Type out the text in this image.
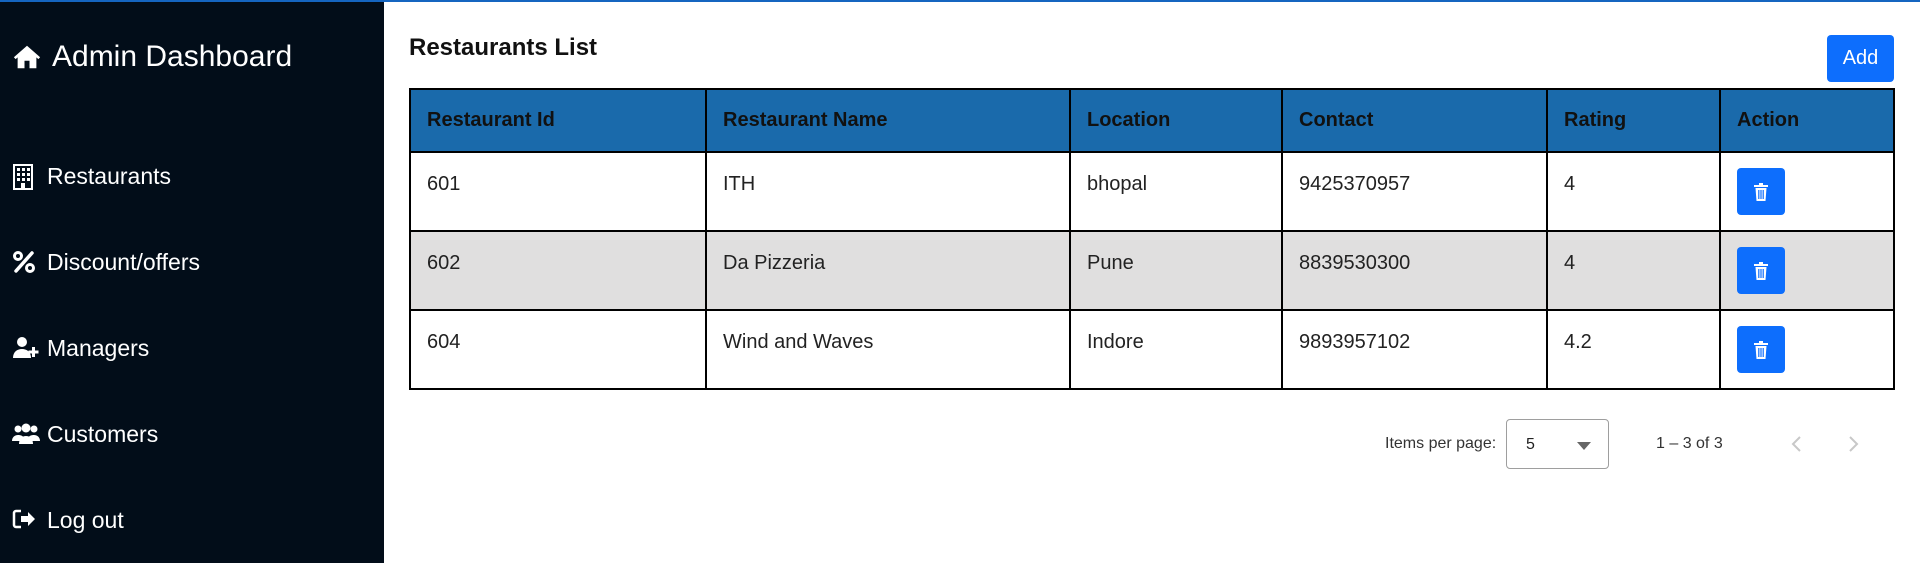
Admin Dashboard
Restaurants
Discount/offers
Managers
Customers
Log out
Restaurants List	Add
Restaurant Id	Restaurant Name	Location	Contact	Rating	Action
601	ITH	bhopal	9425370957	4	

602	Da Pizzeria	Pune	8839530300	4	

604	Wind and Waves	Indore	9893957102	4.2	
Items per page: 5	1 – 3 of 3
